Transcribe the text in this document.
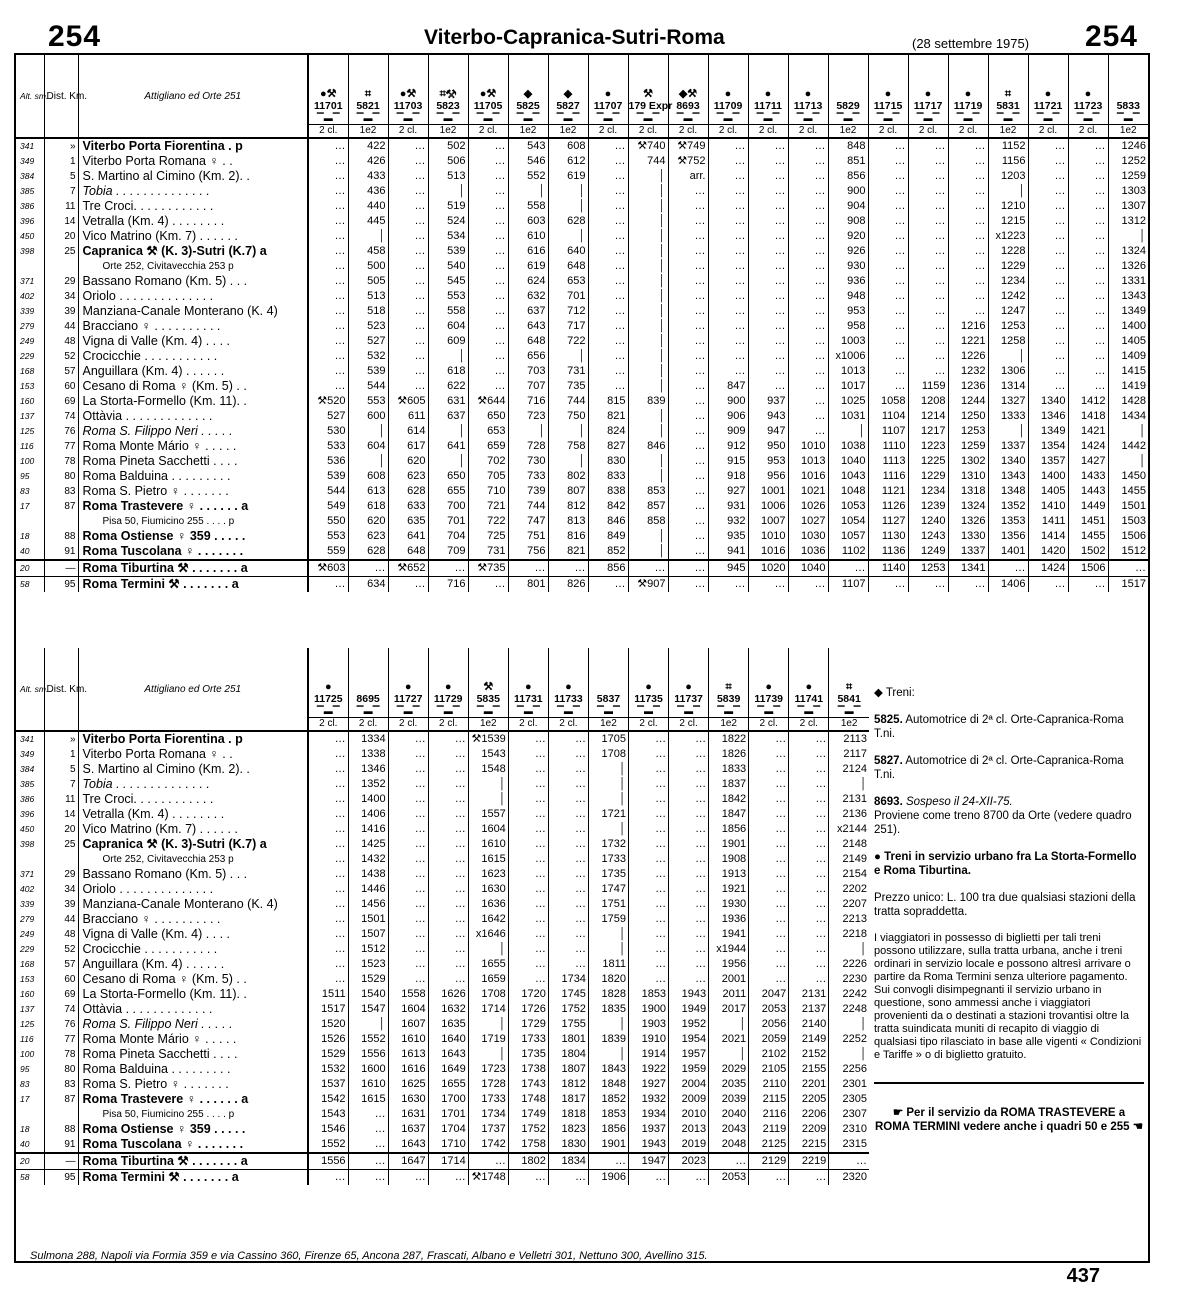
254	Viterbo-Capranica-Sutri-Roma	(28 settembre 1975) 254
Alt. sm.	Dist. Km.	Attigliano ed Orte 251	●⚒
11701
▔▬▔
2 cl.	⌗
5821
▔▬▔
1e2	●⚒
11703
▔▬▔
2 cl.	⌗⚒
5823
▔▬▔
1e2	●⚒
11705
▔▬▔
2 cl.	◆
5825
▔▬▔
1e2	◆
5827
▔▬▔
1e2	●
11707
▔▬▔
2 cl.	⚒
179 Expr
▔▬▔
2 cl.	◆⚒
8693
▔▬▔
2 cl.	●
11709
▔▬▔
2 cl.	●
11711
▔▬▔
2 cl.	●
11713
▔▬▔
2 cl.	5829
▔▬▔
1e2	●
11715
▔▬▔
2 cl.	●
11717
▔▬▔
2 cl.	●
11719
▔▬▔
2 cl.	⌗
5831
▔▬▔
1e2	●
11721
▔▬▔
2 cl.	●
11723
▔▬▔
2 cl.	5833
▔▬▔
1e2

341	»	Viterbo Porta Fiorentina . p	…	422	…	502	…	543	608	…	⚒740	⚒749	…	…	…	848	…	…	…	1152	…	…	1246
349	1	Viterbo Porta Romana ♀ . .	…	426	…	506	…	546	612	…	744	⚒752	…	…	…	851	…	…	…	1156	…	…	1252
384	5	S. Martino al Cimino (Km. 2). .	…	433	…	513	…	552	619	…	│	arr.	…	…	…	856	…	…	…	1203	…	…	1259
385	7	Tobia . . . . . . . . . . . . . .	…	436	…	│	…	│	│	…	│	…	…	…	…	900	…	…	…	│	…	…	1303
386	11	Tre Croci. . . . . . . . . . . .	…	440	…	519	…	558	│	…	│	…	…	…	…	904	…	…	…	1210	…	…	1307
396	14	Vetralla (Km. 4) . . . . . . . .	…	445	…	524	…	603	628	…	│	…	…	…	…	908	…	…	…	1215	…	…	1312
450	20	Vico Matrino (Km. 7) . . . . . .	…	│	…	534	…	610	│	…	│	…	…	…	…	920	…	…	…	x1223	…	…	│
398	25	Capranica ⚒ (K. 3)-Sutri (K.7) a	…	458	…	539	…	616	640	…	│	…	…	…	…	926	…	…	…	1228	…	…	1324
		Orte 252, Civitavecchia 253 p	…	500	…	540	…	619	648	…	│	…	…	…	…	930	…	…	…	1229	…	…	1326
371	29	Bassano Romano (Km. 5) . . .	…	505	…	545	…	624	653	…	│	…	…	…	…	936	…	…	…	1234	…	…	1331
402	34	Oriolo . . . . . . . . . . . . . .	…	513	…	553	…	632	701	…	│	…	…	…	…	948	…	…	…	1242	…	…	1343
339	39	Manziana-Canale Monterano (K. 4)	…	518	…	558	…	637	712	…	│	…	…	…	…	953	…	…	…	1247	…	…	1349
279	44	Bracciano ♀ . . . . . . . . . .	…	523	…	604	…	643	717	…	│	…	…	…	…	958	…	…	1216	1253	…	…	1400
249	48	Vigna di Valle (Km. 4) . . . .	…	527	…	609	…	648	722	…	│	…	…	…	…	1003	…	…	1221	1258	…	…	1405
229	52	Crocicchie . . . . . . . . . . .	…	532	…	│	…	656	│	…	│	…	…	…	…	x1006	…	…	1226	│	…	…	1409
168	57	Anguillara (Km. 4) . . . . . .	…	539	…	618	…	703	731	…	│	…	…	…	…	1013	…	…	1232	1306	…	…	1415
153	60	Cesano di Roma ♀ (Km. 5) . .	…	544	…	622	…	707	735	…	│	…	847	…	…	1017	…	1159	1236	1314	…	…	1419
160	69	La Storta-Formello (Km. 11). .	⚒520	553	⚒605	631	⚒644	716	744	815	839	…	900	937	…	1025	1058	1208	1244	1327	1340	1412	1428
137	74	Ottàvia . . . . . . . . . . . . .	527	600	611	637	650	723	750	821	│	…	906	943	…	1031	1104	1214	1250	1333	1346	1418	1434
125	76	Roma S. Filippo Neri . . . . .	530	│	614	│	653	│	│	824	│	…	909	947	…	│	1107	1217	1253	│	1349	1421	│
116	77	Roma Monte Mário ♀ . . . . .	533	604	617	641	659	728	758	827	846	…	912	950	1010	1038	1110	1223	1259	1337	1354	1424	1442
100	78	Roma Pineta Sacchetti . . . .	536	│	620	│	702	730	│	830	│	…	915	953	1013	1040	1113	1225	1302	1340	1357	1427	│
95	80	Roma Balduina . . . . . . . . .	539	608	623	650	705	733	802	833	│	…	918	956	1016	1043	1116	1229	1310	1343	1400	1433	1450
83	83	Roma S. Pietro ♀ . . . . . . .	544	613	628	655	710	739	807	838	853	…	927	1001	1021	1048	1121	1234	1318	1348	1405	1443	1455
17	87	Roma Trastevere ♀ . . . . . . a	549	618	633	700	721	744	812	842	857	…	931	1006	1026	1053	1126	1239	1324	1352	1410	1449	1501
		Pisa 50, Fiumicino 255 . . . . p	550	620	635	701	722	747	813	846	858	…	932	1007	1027	1054	1127	1240	1326	1353	1411	1451	1503
18	88	Roma Ostiense ♀ 359 . . . . .	553	623	641	704	725	751	816	849	│	…	935	1010	1030	1057	1130	1243	1330	1356	1414	1455	1506
40	91	Roma Tuscolana ♀ . . . . . . .	559	628	648	709	731	756	821	852	│	…	941	1016	1036	1102	1136	1249	1337	1401	1420	1502	1512
20	—	Roma Tiburtina ⚒ . . . . . . . a	⚒603	…	⚒652	…	⚒735	…	…	856	…	…	945	1020	1040	…	1140	1253	1341	…	1424	1506	…
58	95	Roma Termini ⚒ . . . . . . . a	…	634	…	716	…	801	826	…	⚒907	…	…	…	…	1107	…	…	…	1406	…	…	1517
Alt. sm.	Dist. Km.	Attigliano ed Orte 251	●
11725
▔▬▔
2 cl.	8695
▔▬▔
2 cl.	●
11727
▔▬▔
2 cl.	●
11729
▔▬▔
2 cl.	⚒
5835
▔▬▔
1e2	●
11731
▔▬▔
2 cl.	●
11733
▔▬▔
2 cl.	5837
▔▬▔
1e2	●
11735
▔▬▔
2 cl.	●
11737
▔▬▔
2 cl.	⌗
5839
▔▬▔
1e2	●
11739
▔▬▔
2 cl.	●
11741
▔▬▔
2 cl.	⌗
5841
▔▬▔
1e2

341	»	Viterbo Porta Fiorentina . p	…	1334	…	…	⚒1539	…	…	1705	…	…	1822	…	…	2113
349	1	Viterbo Porta Romana ♀ . .	…	1338	…	…	1543	…	…	1708	…	…	1826	…	…	2117
384	5	S. Martino al Cimino (Km. 2). .	…	1346	…	…	1548	…	…	│	…	…	1833	…	…	2124
385	7	Tobia . . . . . . . . . . . . . .	…	1352	…	…	│	…	…	│	…	…	1837	…	…	│
386	11	Tre Croci. . . . . . . . . . . .	…	1400	…	…	│	…	…	│	…	…	1842	…	…	2131
396	14	Vetralla (Km. 4) . . . . . . . .	…	1406	…	…	1557	…	…	1721	…	…	1847	…	…	2136
450	20	Vico Matrino (Km. 7) . . . . . .	…	1416	…	…	1604	…	…	│	…	…	1856	…	…	x2144
398	25	Capranica ⚒ (K. 3)-Sutri (K.7) a	…	1425	…	…	1610	…	…	1732	…	…	1901	…	…	2148
		Orte 252, Civitavecchia 253 p	…	1432	…	…	1615	…	…	1733	…	…	1908	…	…	2149
371	29	Bassano Romano (Km. 5) . . .	…	1438	…	…	1623	…	…	1735	…	…	1913	…	…	2154
402	34	Oriolo . . . . . . . . . . . . . .	…	1446	…	…	1630	…	…	1747	…	…	1921	…	…	2202
339	39	Manziana-Canale Monterano (K. 4)	…	1456	…	…	1636	…	…	1751	…	…	1930	…	…	2207
279	44	Bracciano ♀ . . . . . . . . . .	…	1501	…	…	1642	…	…	1759	…	…	1936	…	…	2213
249	48	Vigna di Valle (Km. 4) . . . .	…	1507	…	…	x1646	…	…	│	…	…	1941	…	…	2218
229	52	Crocicchie . . . . . . . . . . .	…	1512	…	…	│	…	…	│	…	…	x1944	…	…	│
168	57	Anguillara (Km. 4) . . . . . .	…	1523	…	…	1655	…	…	1811	…	…	1956	…	…	2226
153	60	Cesano di Roma ♀ (Km. 5) . .	…	1529	…	…	1659	…	1734	1820	…	…	2001	…	…	2230
160	69	La Storta-Formello (Km. 11). .	1511	1540	1558	1626	1708	1720	1745	1828	1853	1943	2011	2047	2131	2242
137	74	Ottàvia . . . . . . . . . . . . .	1517	1547	1604	1632	1714	1726	1752	1835	1900	1949	2017	2053	2137	2248
125	76	Roma S. Filippo Neri . . . . .	1520	│	1607	1635	│	1729	1755	│	1903	1952	│	2056	2140	│
116	77	Roma Monte Mário ♀ . . . . .	1526	1552	1610	1640	1719	1733	1801	1839	1910	1954	2021	2059	2149	2252
100	78	Roma Pineta Sacchetti . . . .	1529	1556	1613	1643	│	1735	1804	│	1914	1957	│	2102	2152	│
95	80	Roma Balduina . . . . . . . . .	1532	1600	1616	1649	1723	1738	1807	1843	1922	1959	2029	2105	2155	2256
83	83	Roma S. Pietro ♀ . . . . . . .	1537	1610	1625	1655	1728	1743	1812	1848	1927	2004	2035	2110	2201	2301
17	87	Roma Trastevere ♀ . . . . . . a	1542	1615	1630	1700	1733	1748	1817	1852	1932	2009	2039	2115	2205	2305
		Pisa 50, Fiumicino 255 . . . . p	1543	…	1631	1701	1734	1749	1818	1853	1934	2010	2040	2116	2206	2307
18	88	Roma Ostiense ♀ 359 . . . . .	1546	…	1637	1704	1737	1752	1823	1856	1937	2013	2043	2119	2209	2310
40	91	Roma Tuscolana ♀ . . . . . . .	1552	…	1643	1710	1742	1758	1830	1901	1943	2019	2048	2125	2215	2315
20	—	Roma Tiburtina ⚒ . . . . . . . a	1556	…	1647	1714	…	1802	1834	…	1947	2023	…	2129	2219	…
58	95	Roma Termini ⚒ . . . . . . . a	…	…	…	…	⚒1748	…	…	1906	…	…	2053	…	…	2320

◆ Treni:

5825. Automotrice di 2ª cl. Orte-Capranica-Roma T.ni.

5827. Automotrice di 2ª cl. Orte-Capranica-Roma T.ni.

8693. Sospeso il 24-XII-75.
Proviene come treno 8700 da Orte (vedere quadro 251).

● Treni in servizio urbano fra La Storta-Formello e Roma Tiburtina.

Prezzo unico: L. 100 tra due qualsiasi stazioni della tratta sopraddetta.

I viaggiatori in possesso di biglietti per tali treni possono utilizzare, sulla tratta urbana, anche i treni ordinari in servizio locale e possono altresì arrivare o partire da Roma Termini senza ulteriore pagamento. Sui convogli disimpegnanti il servizio urbano in questione, sono ammessi anche i viaggiatori provenienti da o destinati a stazioni trovantisi oltre la tratta suindicata muniti di recapito di viaggio di qualsiasi tipo rilasciato in base alle vigenti « Condizioni e Tariffe » o di biglietto gratuito.

☛ Per il servizio da ROMA TRASTEVERE a ROMA TERMINI vedere anche i quadri 50 e 255 ☚

Sulmona 288, Napoli via Formia 359 e via Cassino 360, Firenze 65, Ancona 287, Frascati, Albano e Velletri 301, Nettuno 300, Avellino 315.
437
